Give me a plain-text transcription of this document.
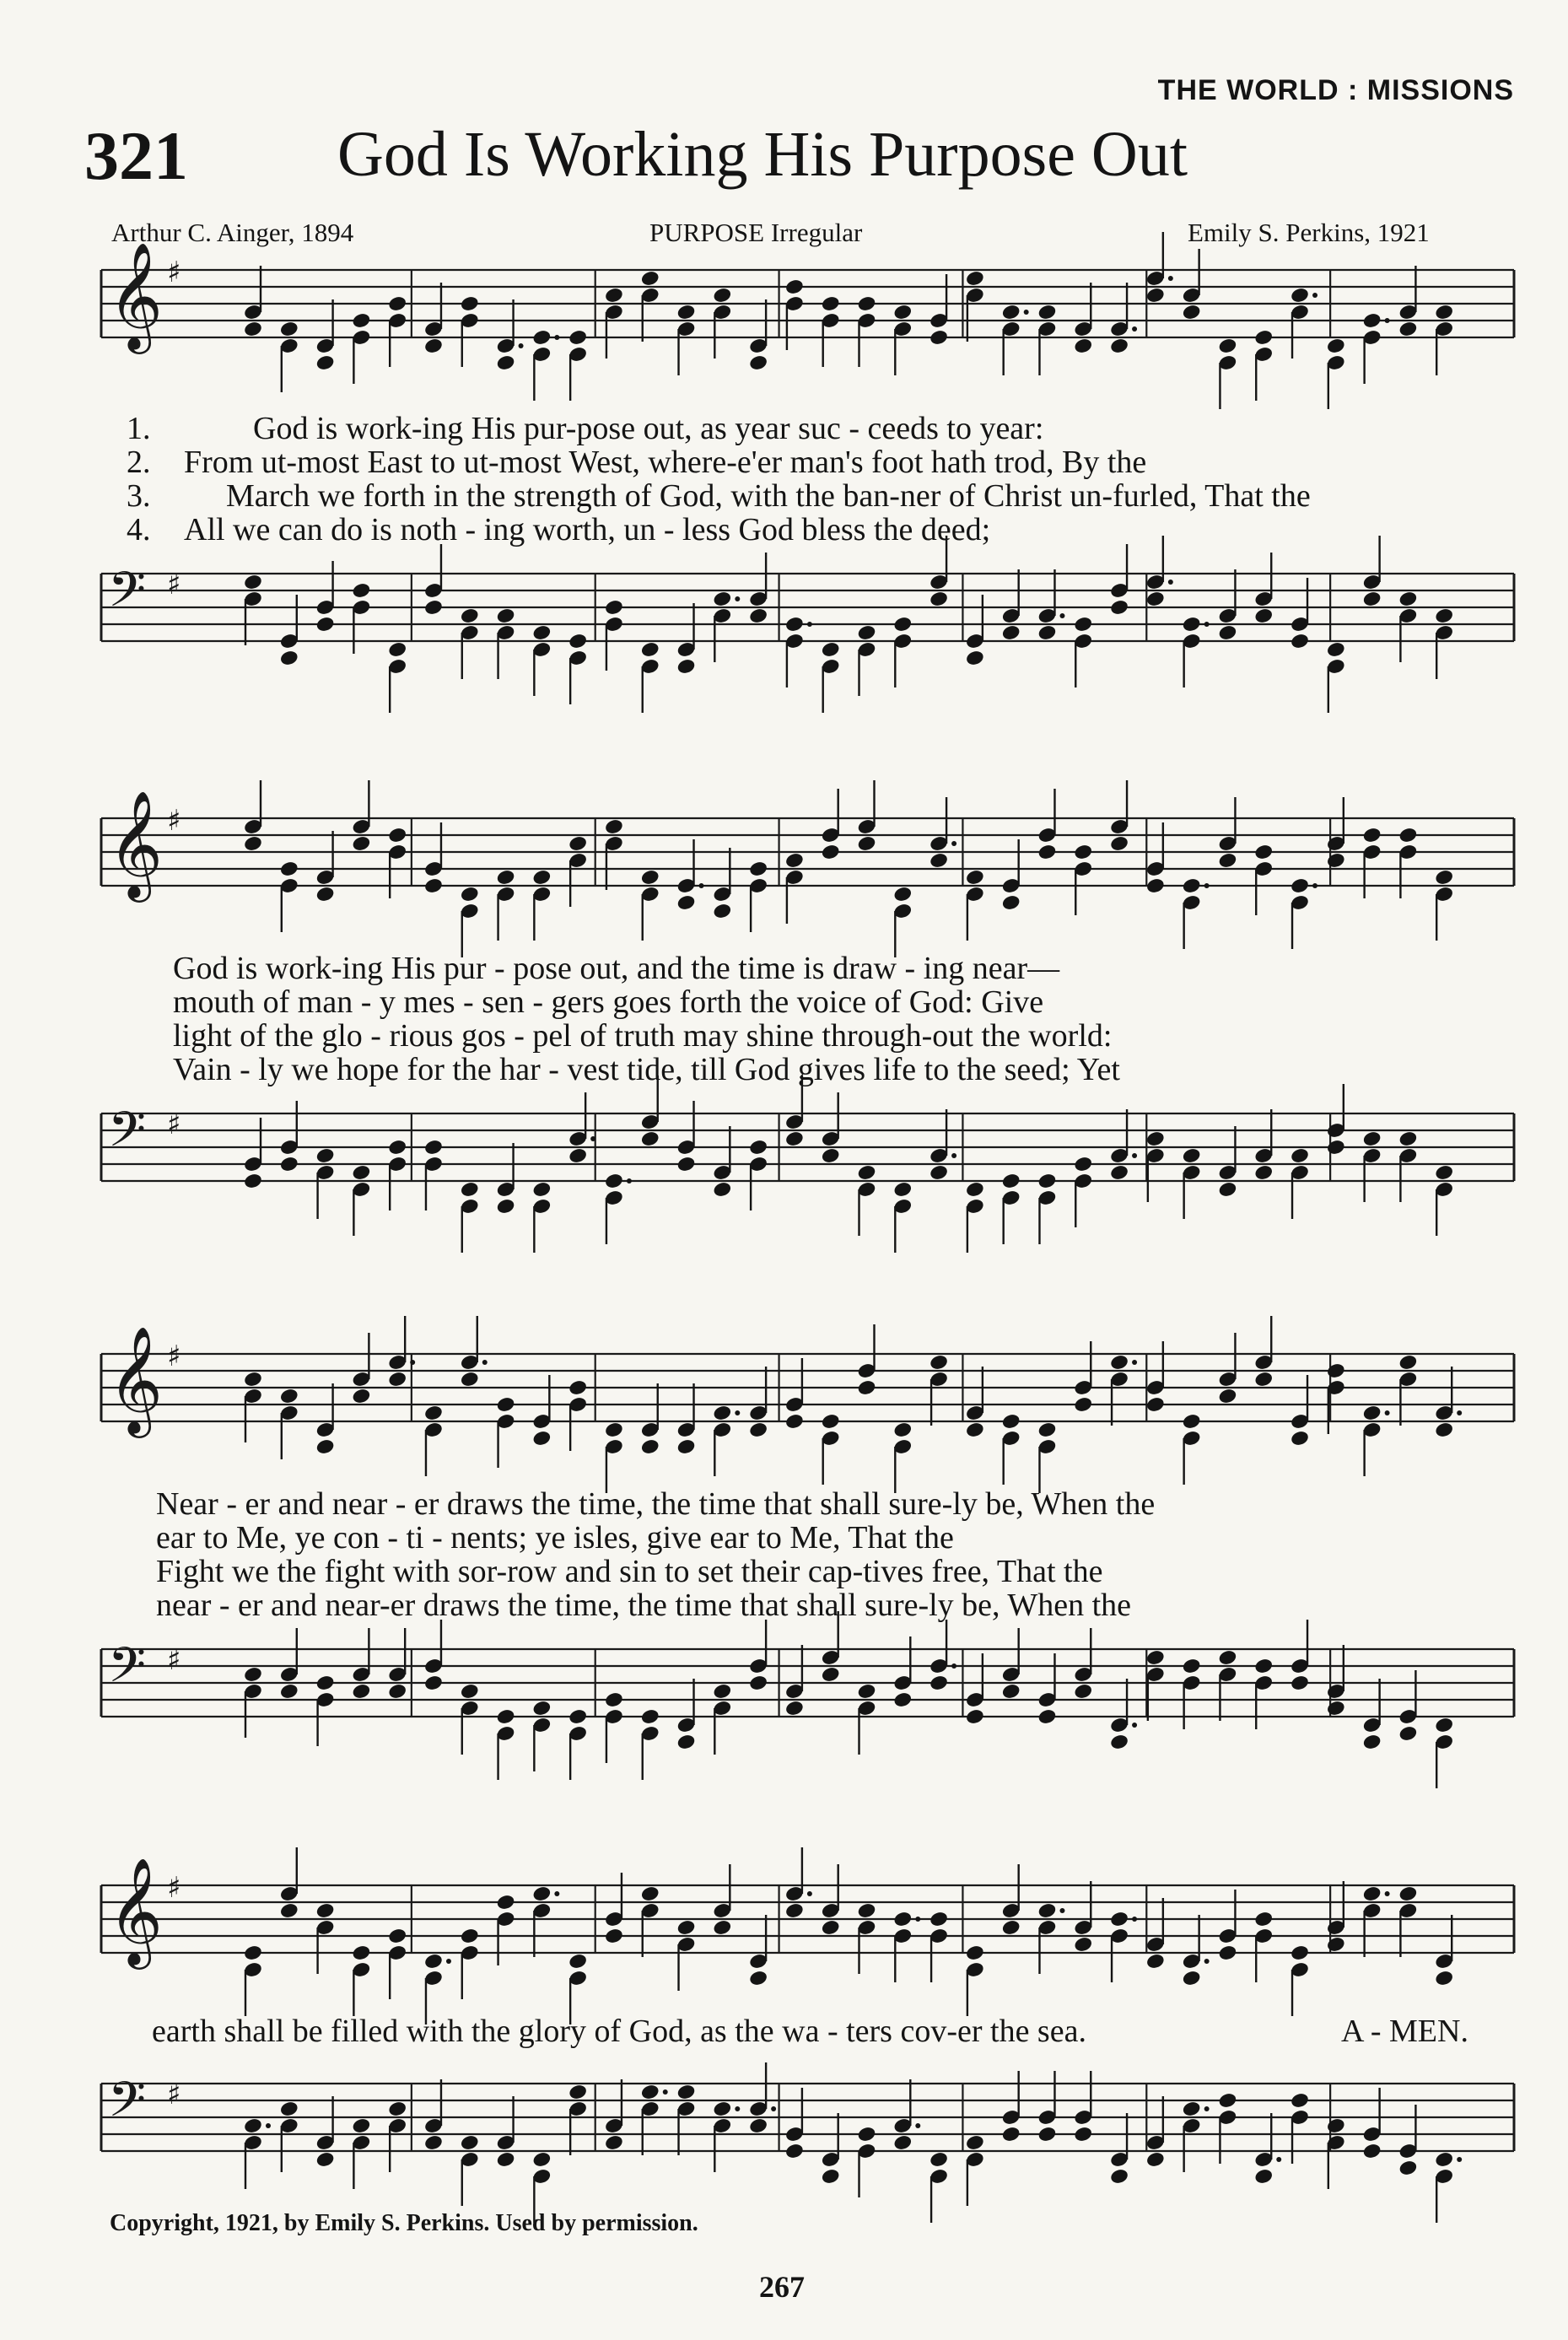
THE WORLD : MISSIONS
321 God Is Working His Purpose Out
Arthur C. Ainger, 1894	PURPOSE Irregular	Emily S. Perkins, 1921
𝄞 ♯
1.
2.
3.
4.
God is work-ing His pur-pose out, as year suc - ceeds to year:
From ut-most East to ut-most West, where-e'er man's foot hath trod, By the
March we forth in the strength of God, with the ban-ner of Christ un-furled, That the
All we can do is noth - ing worth, un - less God bless the deed;
𝄢 ♯
𝄞 ♯
God is work-ing His pur - pose out, and the time is draw - ing near—
mouth of man - y mes - sen - gers goes forth the voice of God: Give
light of the glo - rious gos - pel of truth may shine through-out the world:
Vain - ly we hope for the har - vest tide, till God gives life to the seed; Yet
𝄢 ♯
𝄞 ♯
Near - er and near - er draws the time, the time that shall sure-ly be, When the
ear to Me, ye con - ti - nents; ye isles, give ear to Me, That the
Fight we the fight with sor-row and sin to set their cap-tives free, That the
near - er and near-er draws the time, the time that shall sure-ly be, When the
𝄢 ♯
𝄞 ♯
earth shall be filled with the glory of God, as the wa - ters cov-er the sea.	A - MEN.
𝄢 ♯
Copyright, 1921, by Emily S. Perkins. Used by permission.
267
